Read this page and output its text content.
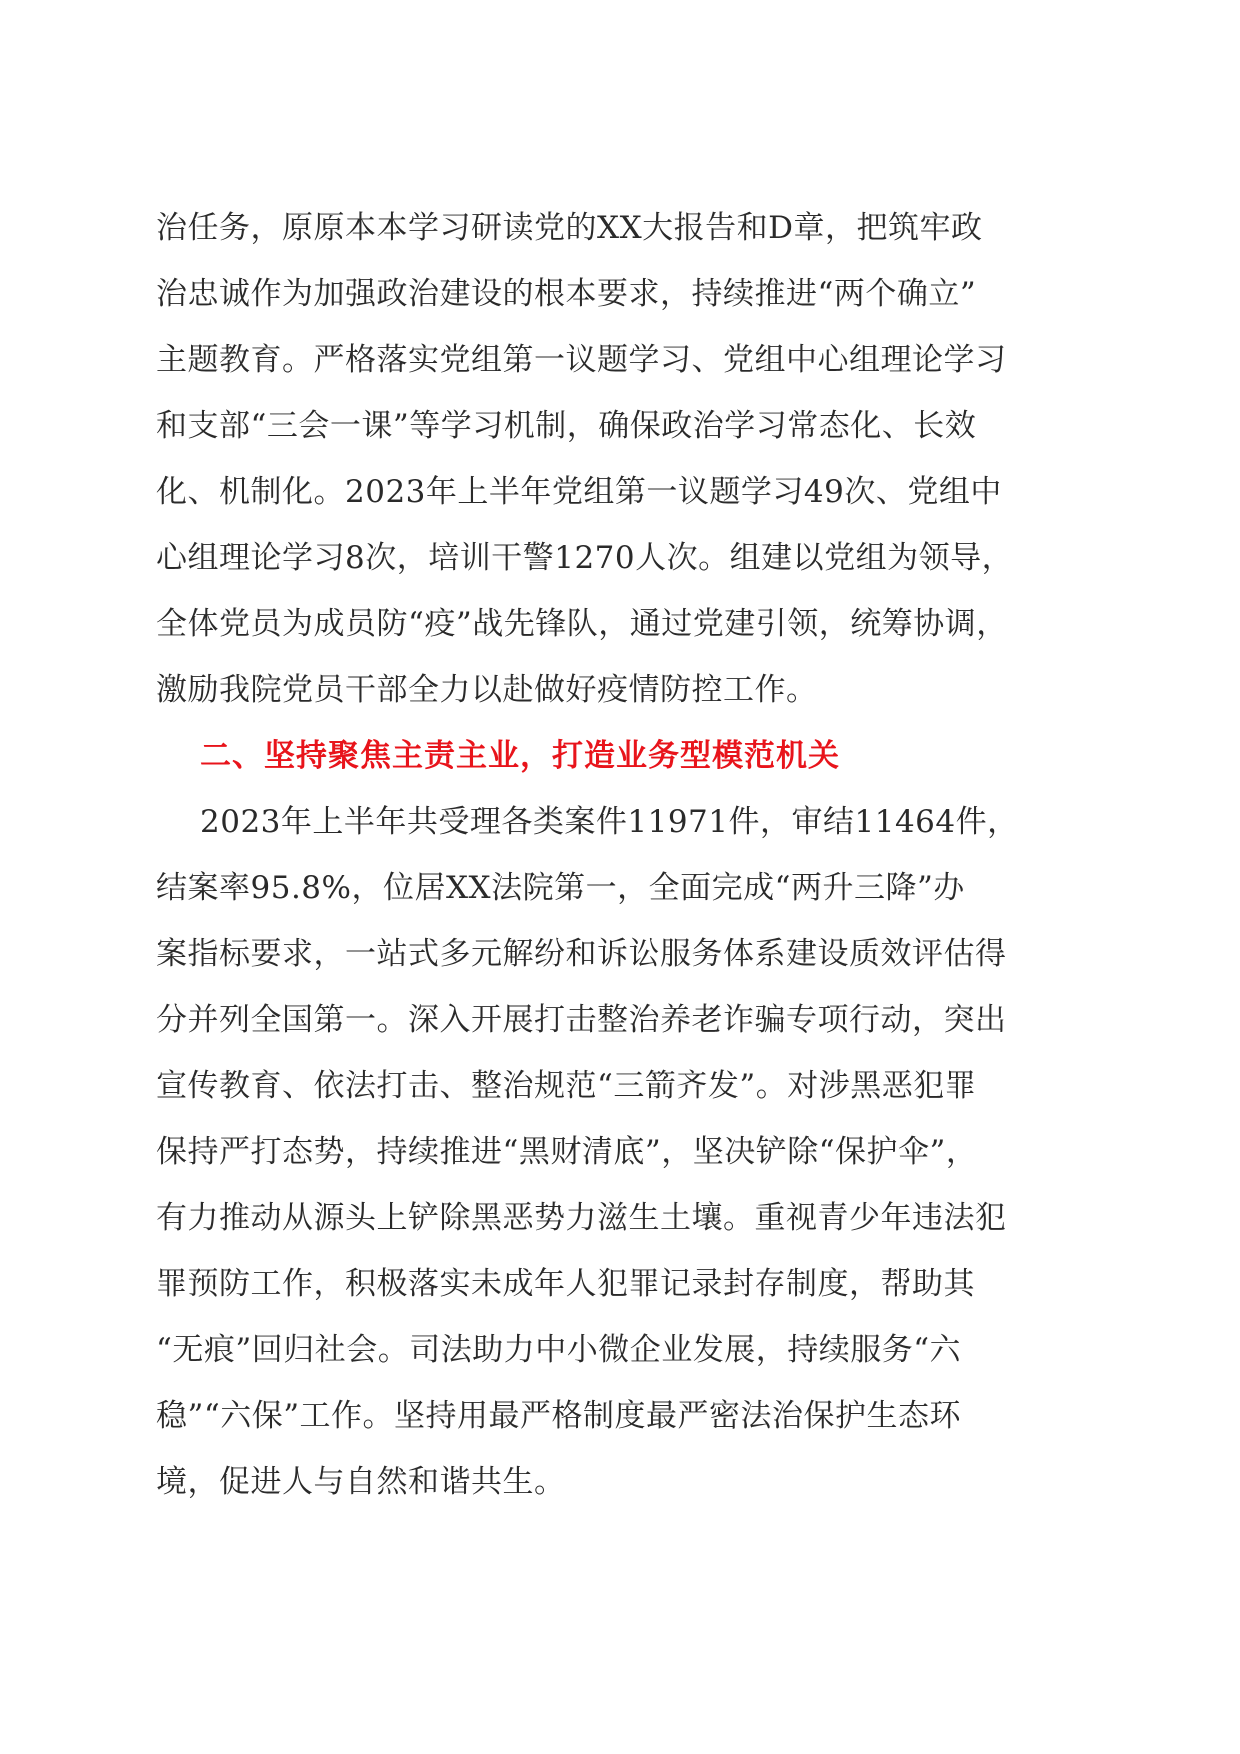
治任务，原原本本学习研读党的XX大报告和D章，把筑牢政
治忠诚作为加强政治建设的根本要求，持续推进“两个确立”
主题教育。严格落实党组第一议题学习、党组中心组理论学习
和支部“三会一课”等学习机制，确保政治学习常态化、长效
化、机制化。2023年上半年党组第一议题学习49次、党组中
心组理论学习8次，培训干警1270人次。组建以党组为领导，
全体党员为成员防“疫”战先锋队，通过党建引领，统筹协调，
激励我院党员干部全力以赴做好疫情防控工作。
二、坚持聚焦主责主业，打造业务型模范机关
2023年上半年共受理各类案件11971件，审结11464件，
结案率95.8%，位居XX法院第一，全面完成“两升三降”办
案指标要求，一站式多元解纷和诉讼服务体系建设质效评估得
分并列全国第一。深入开展打击整治养老诈骗专项行动，突出
宣传教育、依法打击、整治规范“三箭齐发”。对涉黑恶犯罪
保持严打态势，持续推进“黑财清底”，坚决铲除“保护伞”，
有力推动从源头上铲除黑恶势力滋生土壤。重视青少年违法犯
罪预防工作，积极落实未成年人犯罪记录封存制度，帮助其
“无痕”回归社会。司法助力中小微企业发展，持续服务“六
稳”“六保”工作。坚持用最严格制度最严密法治保护生态环
境，促进人与自然和谐共生。
